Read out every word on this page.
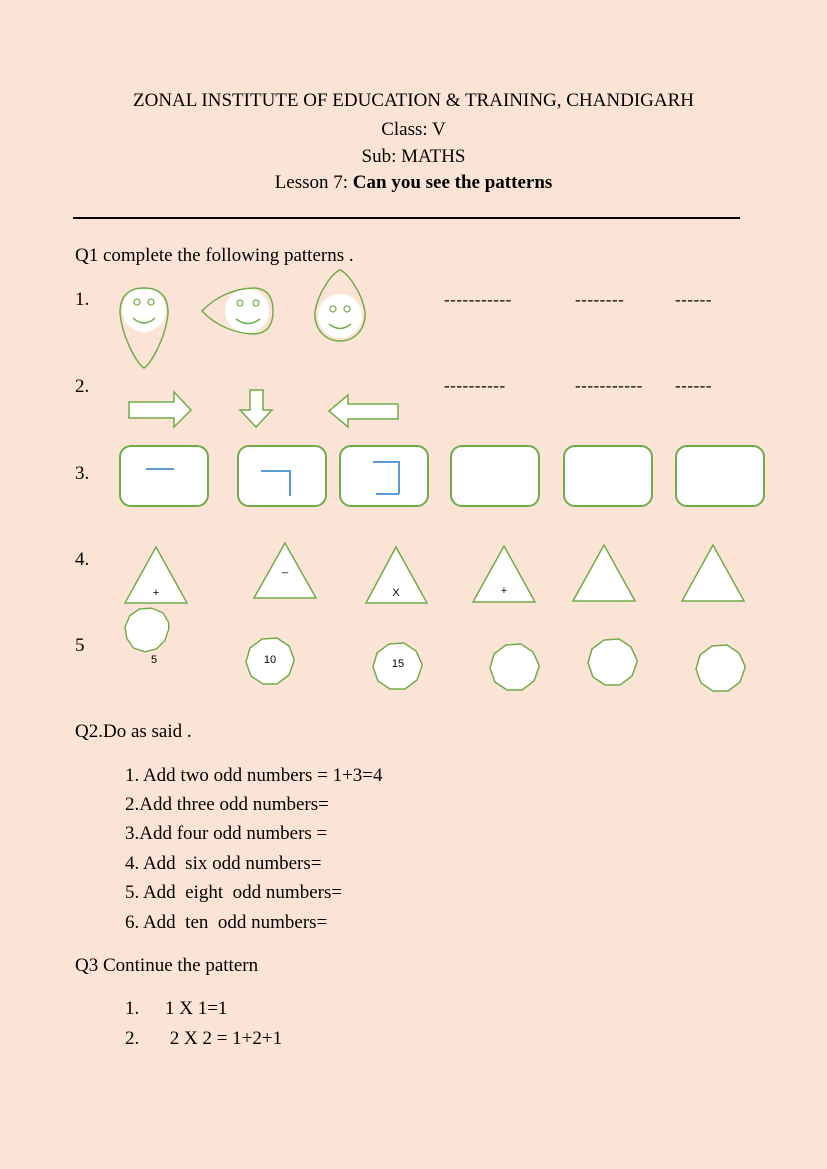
ZONAL INSTITUTE OF EDUCATION & TRAINING, CHANDIGARH
Class: V
Sub: MATHS
Lesson 7: Can you see the patterns
Q1 complete the following patterns .
1.	-----------	--------	------
2.	----------	----------- ------
3.
4.
+
_
X	+
5
5	10	15
Q2.Do as said .
1. Add two odd numbers = 1+3=4
2.Add three odd numbers=
3.Add four odd numbers =
4. Add  six odd numbers=
5. Add  eight  odd numbers=
6. Add  ten  odd numbers=
Q3 Continue the pattern
1. 1 X 1=1
2. 2 X 2 = 1+2+1
